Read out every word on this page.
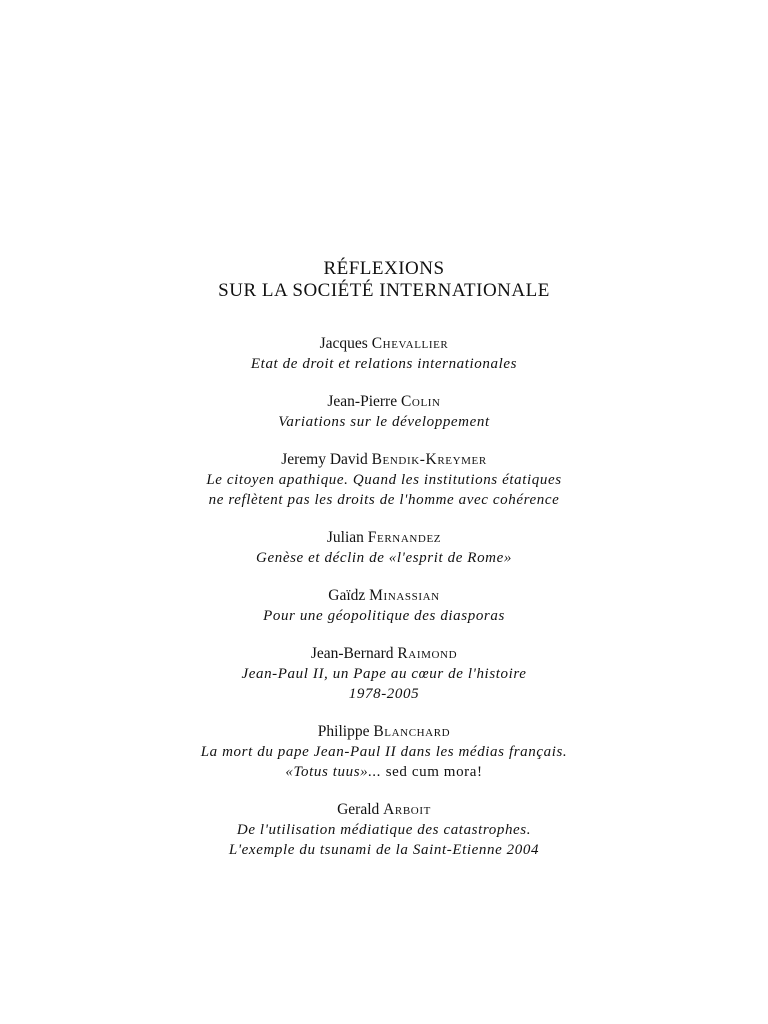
RÉFLEXIONS
SUR LA SOCIÉTÉ INTERNATIONALE
Jacques Chevallier
Etat de droit et relations internationales
Jean-Pierre Colin
Variations sur le développement
Jeremy David Bendik-Kreymer
Le citoyen apathique. Quand les institutions étatiques
ne reflètent pas les droits de l'homme avec cohérence
Julian Fernandez
Genèse et déclin de «l'esprit de Rome»
Gaïdz Minassian
Pour une géopolitique des diasporas
Jean-Bernard Raimond
Jean-Paul II, un Pape au cœur de l'histoire
1978-2005
Philippe Blanchard
La mort du pape Jean-Paul II dans les médias français.
«Totus tuus»... sed cum mora!
Gerald Arboit
De l'utilisation médiatique des catastrophes.
L'exemple du tsunami de la Saint-Etienne 2004
